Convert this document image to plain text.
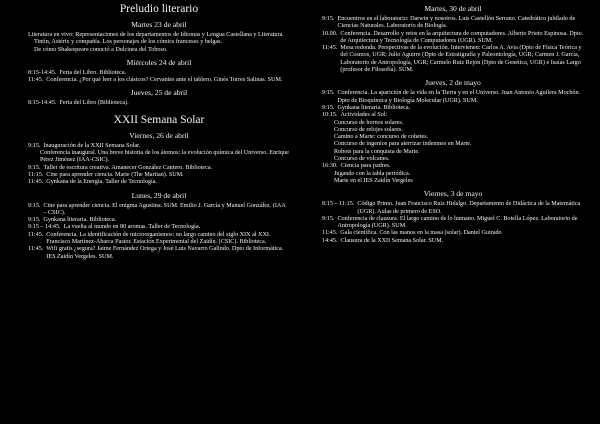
Preludio literario
Martes 23 de abril
Literatura en vivo: Representaciones de los departamentos de Idiomas y Lengua Castellana y Literatura.
Tintín, Astérix y compañía. Los personajes de los cómics franceses y belgas.
De cómo Shakespeare conoció a Dulcinea del Toboso.
Miércoles 24 de abril
8:15-14:45. Feria del Libro. Biblioteca.
11:45. Conferencia. ¿Por qué leer a los clásicos? Cervantes ante el tablero. Ginés Torres Salinas. SUM.
Jueves, 25 de abril
8:15-14:45. Feria del Libro (Biblioteca).
XXII Semana Solar
Viernes, 26 de abril
9:15. Inauguración de la XXII Semana Solar.
Conferencia inaugural. Una breve historia de los átomos: la evolución química del Universo. Enrique Pérez Jiménez (IAA-CSIC).
9:15. Taller de escritura creativa. Amanecer González Cantero. Biblioteca.
11:15. Cine para aprender ciencia. Marte (The Martian). SUM.
11:45. Gynkana de la Energía. Taller de Tecnología.
Lunes, 29 de abril
9:15. Cine para aprender ciencia. El enigma Agustina. SUM. Emilio J. García y Manuel González. (IAA – CSIC).
9:15. Gynkana literaria. Biblioteca.
9:15 – 14:45. La vuelta al mundo en 80 aromas. Taller de Tecnología.
11:45. Conferencia. La identificación de microorganismos: un largo camino del siglo XIX al XXI. Francisco Martínez-Abarca Pastor. Estación Experimental del Zaidín. (CSIC). Biblioteca.
11:45. Wifi gratis ¿segura? Jaime Fernández Ortega y José Luis Navarro Galindo. Dpto de Informática. IES Zaidín Vergeles. SUM.
Martes, 30 de abril
9:15. Encuentros en el laboratorio: Darwin y nosotros. Luis Castellón Serrano. Catedrático jubilado de Ciencias Naturales. Laboratorio de Biología.
10.00. Conferencia. Desarrollo y retos en la arquitectura de computadores. Alberto Prieto Espinosa. Dpto. de Arquitectura y Tecnología de Computadores (UGR). SUM.
11:45. Mesa redonda. Perspectivas de la evolución. Intervienen: Carlos A. Avia (Dpto de Física Teórica y del Cosmos, UGR; Julio Aguirre (Dpto de Estratigrafía y Paleontología, UGR; Carmen J. García, Laboratorio de Antropología, UGR; Carmelo Ruiz Rejón (Dpto de Genética, UGR) e Isaías Largo (profesor de Filosofía). SUM.
Jueves, 2 de mayo
9:15. Conferencia. La aparición de la vida en la Tierra y en el Universo. Juan Antonio Aguilera Mochón. Dpto de Bioquímica y Biología Molecular (UGR). SUM.
9:15. Gynkana literaria. Biblioteca.
10:15. Actividades al Sol:
Concurso de hornos solares.
Concurso de relojes solares.
Camino a Marte: concurso de cohetes.
Concurso de ingenios para aterrizar indemnes en Marte.
Robots para la conquista de Marte.
Concurso de volcanes.
16:30. Ciencia para padres.
Jugando con la tabla periódica.
Marte en el IES Zaidín Vergeles
Viernes, 3 de mayo
8:15 – 11:15. Código Primo. Juan Francisco Ruiz Hidalgo. Departamento de Didáctica de la Matemática (UGR). Aulas de primero de ESO.
9:15. Conferencia de clausura. El largo camino de lo humano. Miguel C. Botella López. Laboratorio de Antropología (UGR). SUM.
11:45. Gala científica. Con las manos en la masa (solar). Daniel Guirado
14:45. Clausura de la XXII Semana Solar. SUM.
